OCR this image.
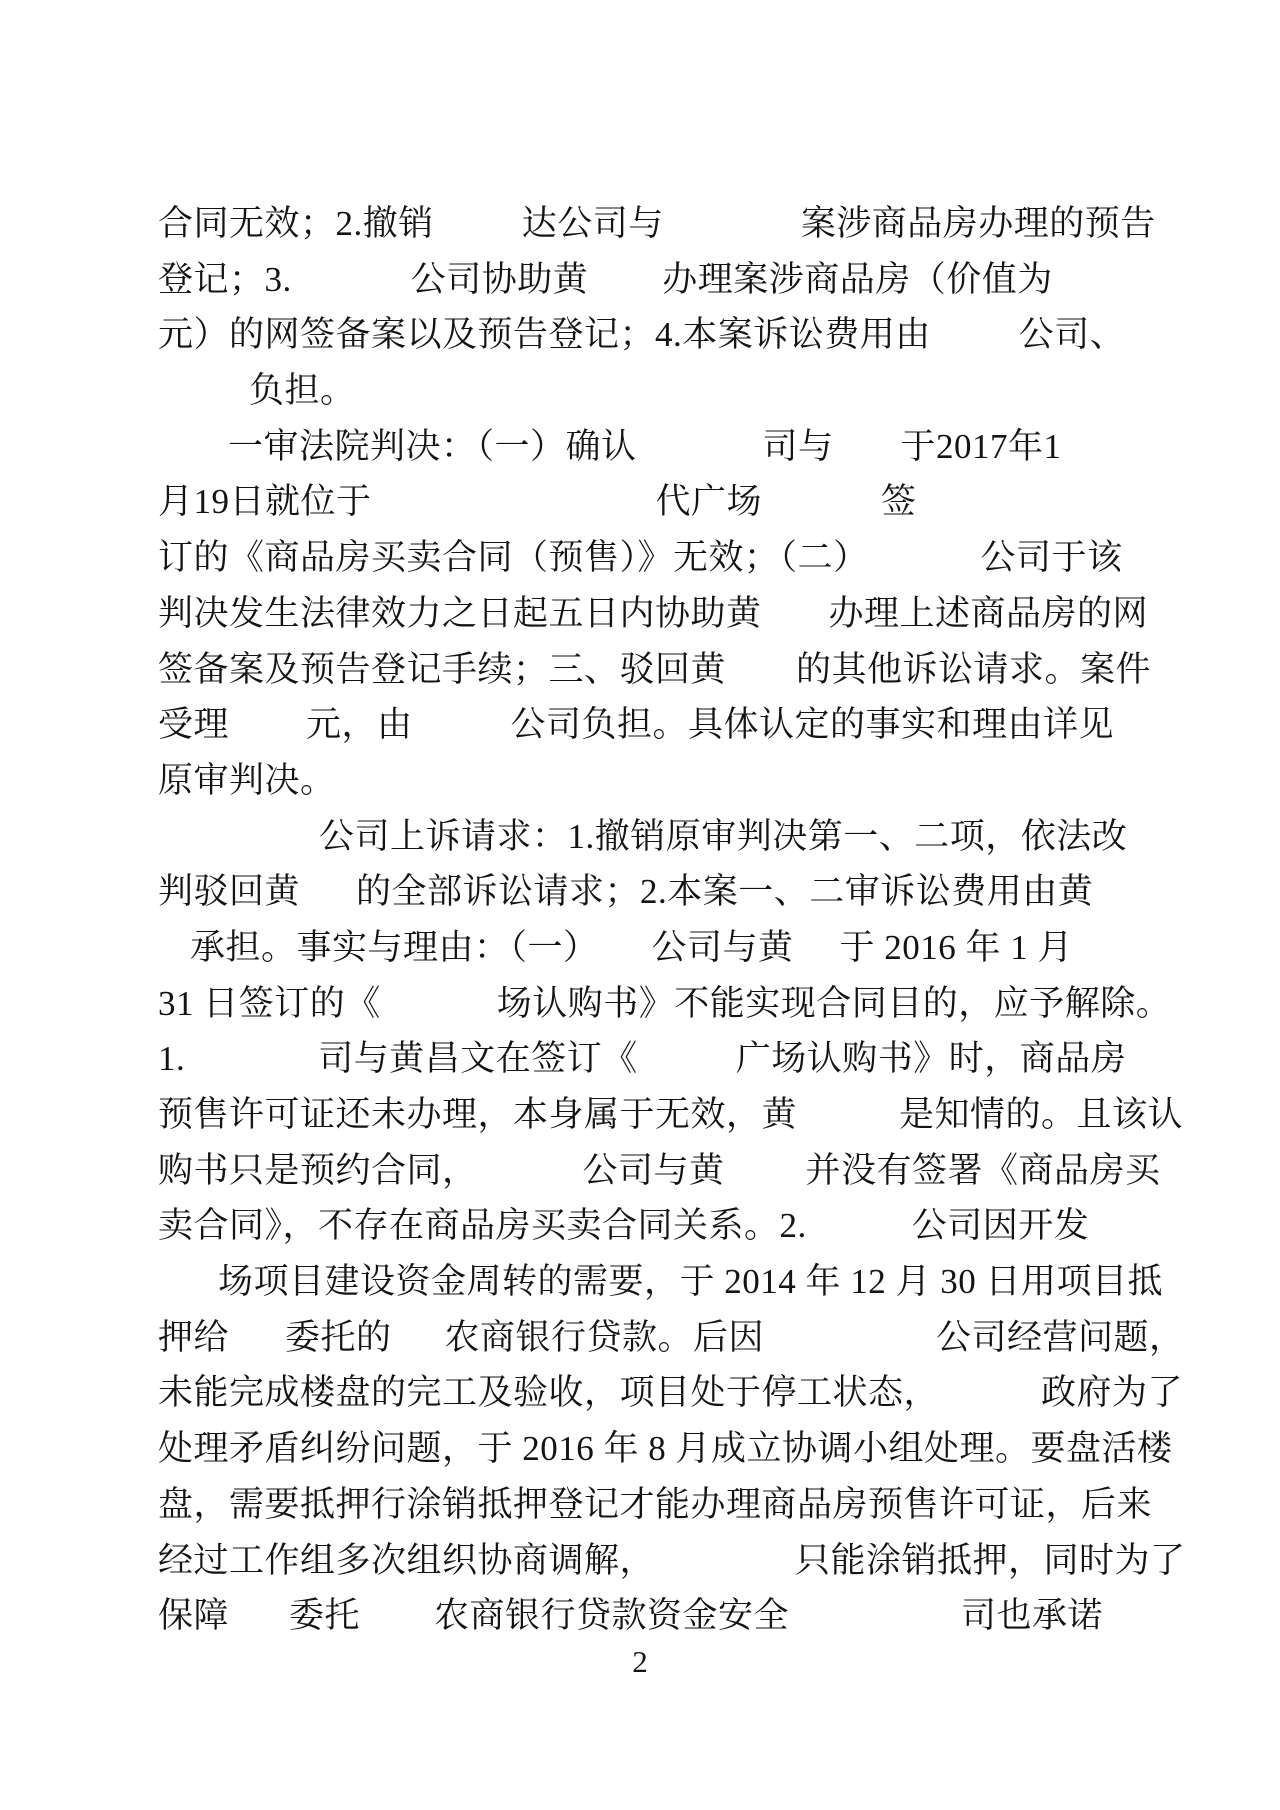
合同无效；2.撤销	达公司与	案涉商品房办理的预告
登记；3.	公司协助黄 办理案涉商品房（价值为
元）的网签备案以及预告登记；4.本案诉讼费用由	公司、
负担。
一审法院判决：（一）确认	司与 于2017年1
月19日就位于	代广场	签
订的《商品房买卖合同（预售）》无效；（二）	公司于该
判决发生法律效力之日起五日内协助黄 办理上述商品房的网
签备案及预告登记手续；三、驳回黄 的其他诉讼请求。案件
受理 元，由	公司负担。具体认定的事实和理由详见
原审判决。
公司上诉请求：1.撤销原审判决第一、二项，依法改
判驳回黄 的全部诉讼请求；2.本案一、二审诉讼费用由黄
承担。事实与理由：（一） 公司与黄 于 2016 年 1 月
31 日签订的《	场认购书》不能实现合同目的，应予解除。
1.	司与黄昌文在签订《	广场认购书》时，商品房
预售许可证还未办理，本身属于无效，黄	是知情的。且该认
购书只是预约合同，	公司与黄 并没有签署《商品房买
卖合同》，不存在商品房买卖合同关系。2.	公司因开发
场项目建设资金周转的需要，于 2014 年 12 月 30 日用项目抵
押给 委托的 农商银行贷款。后因	公司经营问题，
未能完成楼盘的完工及验收，项目处于停工状态，	政府为了
处理矛盾纠纷问题，于 2016 年 8 月成立协调小组处理。要盘活楼
盘，需要抵押行涂销抵押登记才能办理商品房预售许可证，后来
经过工作组多次组织协商调解，	只能涂销抵押，同时为了
保障 委托 农商银行贷款资金安全	司也承诺
2
